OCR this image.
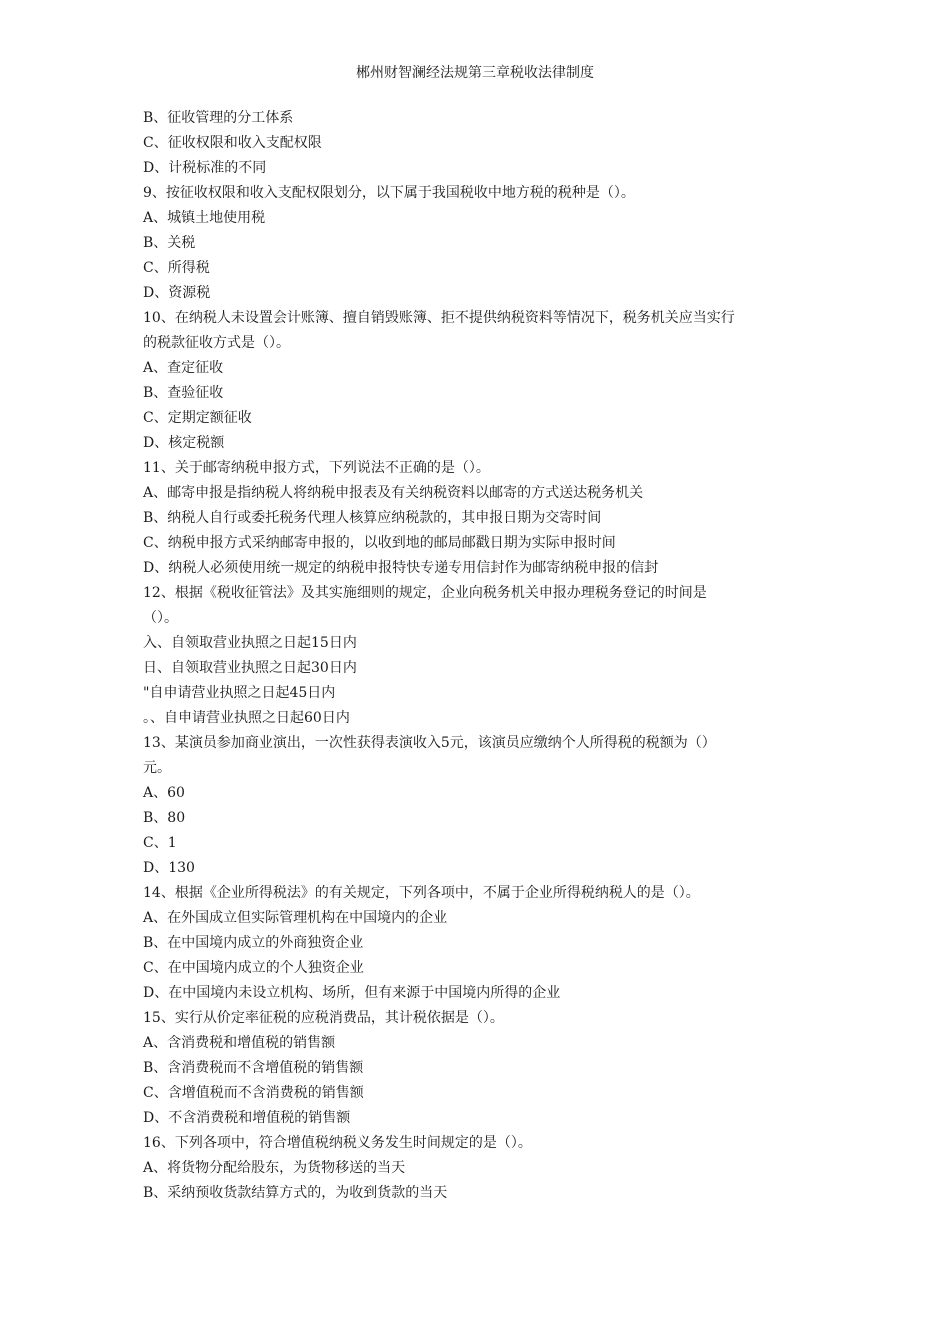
郴州财智澜经法规第三章税收法律制度
B、征收管理的分工体系
C、征收权限和收入支配权限
D、计税标准的不同
9、按征收权限和收入支配权限划分，以下属于我国税收中地方税的税种是（）。
A、城镇土地使用税
B、关税
C、所得税
D、资源税
10、在纳税人未设置会计账簿、擅自销毁账簿、拒不提供纳税资料等情况下，税务机关应当实行
的税款征收方式是（）。
A、查定征收
B、查验征收
C、定期定额征收
D、核定税额
11、关于邮寄纳税申报方式，下列说法不正确的是（）。
A、邮寄申报是指纳税人将纳税申报表及有关纳税资料以邮寄的方式送达税务机关
B、纳税人自行或委托税务代理人核算应纳税款的，其申报日期为交寄时间
C、纳税申报方式采纳邮寄申报的，以收到地的邮局邮戳日期为实际申报时间
D、纳税人必须使用统一规定的纳税申报特快专递专用信封作为邮寄纳税申报的信封
12、根据《税收征管法》及其实施细则的规定，企业向税务机关申报办理税务登记的时间是
（）。
入、自领取营业执照之日起15日内
日、自领取营业执照之日起30日内
"自申请营业执照之日起45日内
。、自申请营业执照之日起60日内
13、某演员参加商业演出，一次性获得表演收入5元，该演员应缴纳个人所得税的税额为（）
元。
A、60
B、80
C、1
D、130
14、根据《企业所得税法》的有关规定，下列各项中，不属于企业所得税纳税人的是（）。
A、在外国成立但实际管理机构在中国境内的企业
B、在中国境内成立的外商独资企业
C、在中国境内成立的个人独资企业
D、在中国境内未设立机构、场所，但有来源于中国境内所得的企业
15、实行从价定率征税的应税消费品，其计税依据是（）。
A、含消费税和增值税的销售额
B、含消费税而不含增值税的销售额
C、含增值税而不含消费税的销售额
D、不含消费税和增值税的销售额
16、下列各项中，符合增值税纳税义务发生时间规定的是（）。
A、将货物分配给股东，为货物移送的当天
B、采纳预收货款结算方式的，为收到货款的当天
